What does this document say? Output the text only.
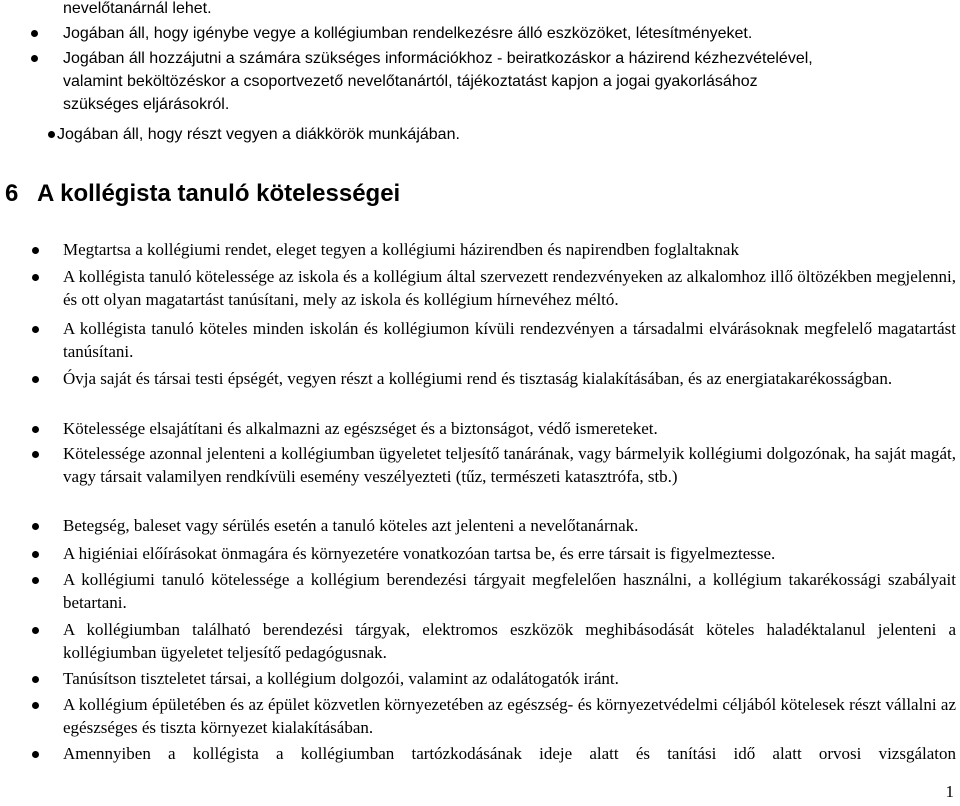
nevelőtanárnál lehet.
Jogában áll, hogy igénybe vegye a kollégiumban rendelkezésre álló eszközöket, létesítményeket.
Jogában áll hozzájutni a számára szükséges információkhoz - beiratkozáskor a házirend kézhezvételével,
valamint beköltözéskor a csoportvezető nevelőtanártól, tájékoztatást kapjon a jogai gyakorlásához
szükséges eljárásokról.
Jogában áll, hogy részt vegyen a diákkörök munkájában.
6 A kollégista tanuló kötelességei
Megtartsa a kollégiumi rendet, eleget tegyen a kollégiumi házirendben és napirendben foglaltaknak
A kollégista tanuló kötelessége az iskola és a kollégium által szervezett rendezvényeken az alkalomhoz illő öltözékben megjelenni, és ott olyan magatartást tanúsítani, mely az iskola és kollégium hírnevéhez méltó.
A kollégista tanuló köteles minden iskolán és kollégiumon kívüli rendezvényen a társadalmi elvárásoknak megfelelő magatartást tanúsítani.
Óvja saját és társai testi épségét, vegyen részt a kollégiumi rend és tisztaság kialakításában, és az energiatakarékosságban.
Kötelessége elsajátítani és alkalmazni az egészséget és a biztonságot, védő ismereteket.
Kötelessége azonnal jelenteni a kollégiumban ügyeletet teljesítő tanárának, vagy bármelyik kollégiumi dolgozónak, ha saját magát, vagy társait valamilyen rendkívüli esemény veszélyezteti (tűz, természeti katasztrófa, stb.)
Betegség, baleset vagy sérülés esetén a tanuló köteles azt jelenteni a nevelőtanárnak.
A higiéniai előírásokat önmagára és környezetére vonatkozóan tartsa be, és erre társait is figyelmeztesse.
A kollégiumi tanuló kötelessége a kollégium berendezési tárgyait megfelelően használni, a kollégium takarékossági szabályait betartani.
A kollégiumban található berendezési tárgyak, elektromos eszközök meghibásodását köteles haladéktalanul jelenteni a kollégiumban ügyeletet teljesítő pedagógusnak.
Tanúsítson tiszteletet társai, a kollégium dolgozói, valamint az odalátogatók iránt.
A kollégium épületében és az épület közvetlen környezetében az egészség- és környezetvédelmi céljából kötelesek részt vállalni az egészséges és tiszta környezet kialakításában.
Amennyiben a kollégista a kollégiumban tartózkodásának ideje alatt és tanítási idő alatt orvosi vizsgálaton
1
